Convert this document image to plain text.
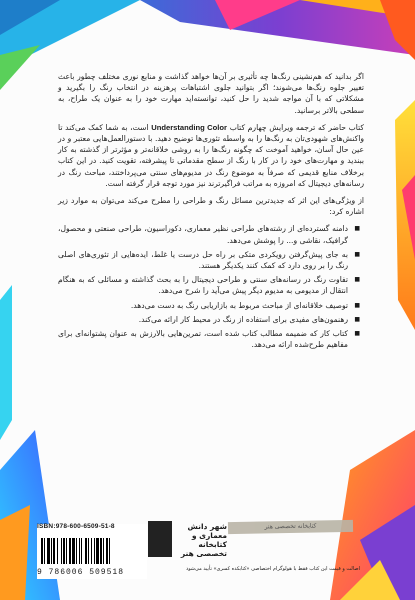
اگر بدانید که هم‌نشینی رنگ‌ها چه تأثیری بر آن‌ها خواهد گذاشت و منابع نوری مختلف چطور باعث تغییر جلوه رنگ‌ها می‌شوند؛ اگر بتوانید جلوی اشتباهات پرهزینه در انتخاب رنگ را بگیرید و مشکلاتی که با آن مواجه شدید را حل کنید، توانسته‌اید مهارت خود را به عنوان یک طراح، به سطحی بالاتر برسانید.

کتاب حاضر که ترجمه ویرایش چهارم کتاب Understanding Color است، به شما کمک می‌کند تا واکنش‌های شهودی‌تان به رنگ‌ها را به واسطه تئوری‌ها توضیح دهید. با دستورالعمل‌هایی معتبر و در عین حال آسان، خواهید آموخت که چگونه رنگ‌ها را به روشی خلاقانه‌تر و مؤثرتر از گذشته به کار ببندید و مهارت‌های خود را در کار با رنگ از سطح مقدماتی تا پیشرفته، تقویت کنید. در این کتاب برخلاف منابع قدیمی که صرفاً به موضوع رنگ در مدیوم‌های سنتی می‌پرداختند، مباحث رنگ در رسانه‌های دیجیتال که امروزه به مراتب فراگیرترند نیز مورد توجه قرار گرفته است.

از ویژگی‌های این اثر که جدیدترین مسائل رنگ و طراحی را مطرح می‌کند می‌توان به موارد زیر اشاره کرد:

■ دامنه گسترده‌ای از رشته‌های طراحی نظیر معماری، دکوراسیون، طراحی صنعتی و محصول، گرافیک، نقاشی و... را پوشش می‌دهد.
■ به جای پیش‌گرفتن رویکردی متکی بر راه حل درست یا غلط، ایده‌هایی از تئوری‌های اصلی رنگ را بر روی دارد که کمک کنند یکدیگر هستند.
■ تفاوت رنگ در رسانه‌های سنتی و طراحی دیجیتال را به بحث گذاشته و مسائلی که به هنگام انتقال از مدیومی به مدیوم دیگر پیش می‌آید را شرح می‌دهد.
■ توصیف خلاقانه‌ای از مباحث مربوط به بازاریابی رنگ به دست می‌دهد.
■ رهنمون‌های مفیدی برای استفاده از رنگ در محیط کار ارائه می‌کند.
■ کتاب کار که ضمیمه مطالب کتاب شده است، تمرین‌هایی بالارزش به عنوان پشتوانه‌ای برای مفاهیم طرح‌شده ارائه می‌دهد.
ISBN:978-600-6509-51-8
9 786006 509518
شهر دانش معماری و کتابخانه تخصصی هنر
کتابخانه تخصصی هنر
اصالت و قیمت این کتاب فقط با هولوگرام اختصاصی «کتابکده کسری» تأیید می‌شود
